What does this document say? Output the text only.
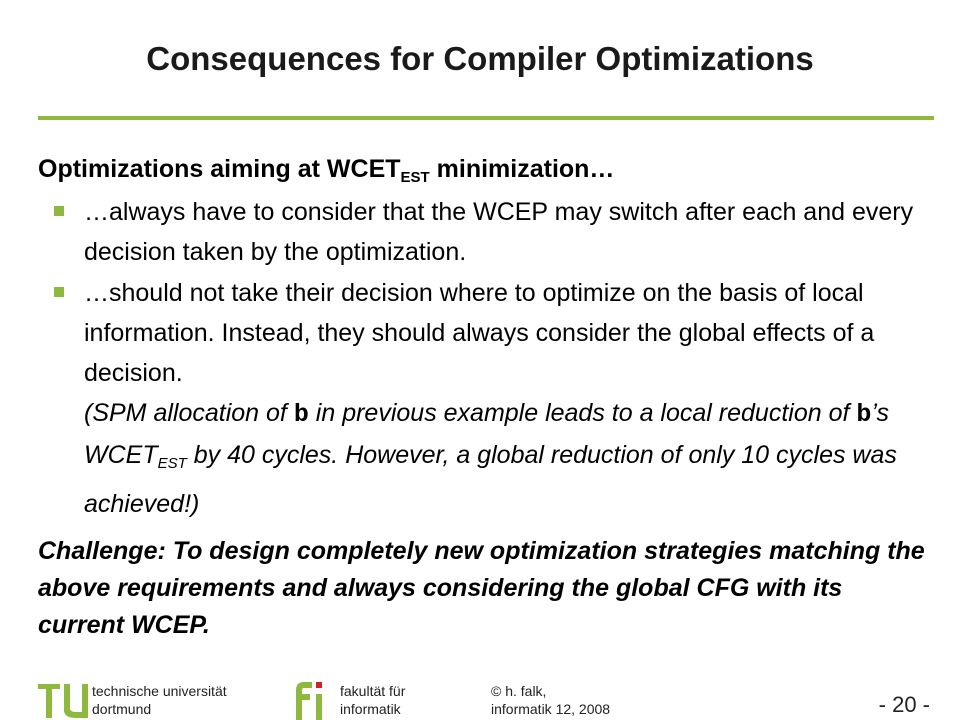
Consequences for Compiler Optimizations
Optimizations aiming at $WCET_{EST}$ minimization…
…always have to consider that the WCEP may switch after each and every decision taken by the optimization.
…should not take their decision where to optimize on the basis of local information. Instead, they should always consider the global effects of a decision.
(SPM allocation of b in previous example leads to a local reduction of b’s $WCET_{EST}$ by 40 cycles. However, a global reduction of only 10 cycles was achieved!)
Challenge: To design completely new optimization strategies matching the above requirements and always considering the global CFG with its current WCEP.
technische universität
dortmund
fakultät für
informatik
© h. falk,
informatik 12, 2008	- 20 -
